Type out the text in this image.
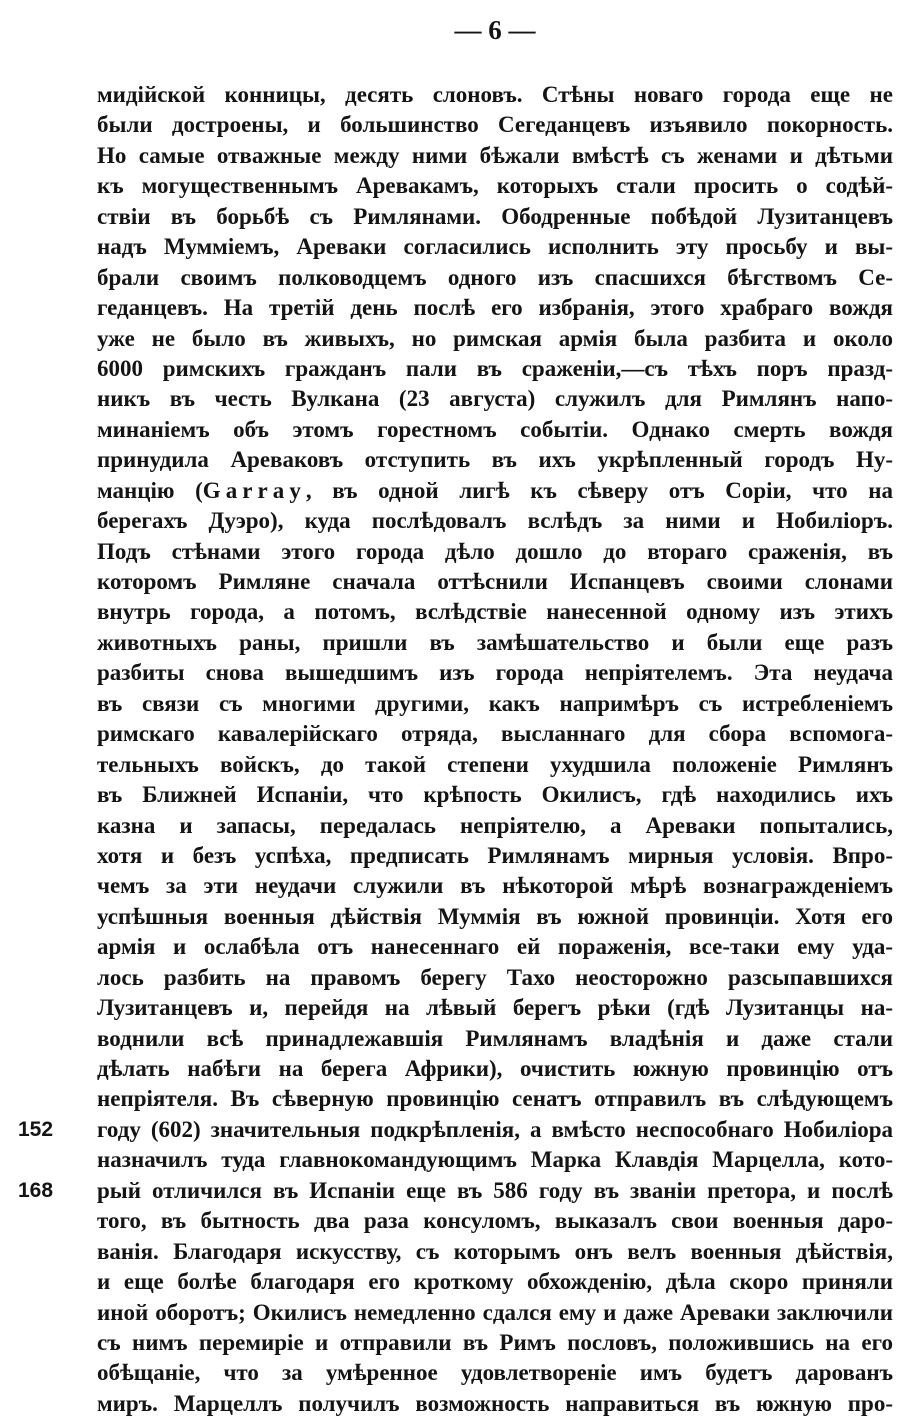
— 6 —
152
168
мидійской конницы, десять слоновъ. Стѣны новаго города еще не
были достроены, и большинство Сегеданцевъ изъявило покорность.
Но самые отважные между ними бѣжали вмѣстѣ съ женами и дѣтьми
къ могущественнымъ Аревакамъ, которыхъ стали просить о содѣй-
ствіи въ борьбѣ съ Римлянами. Ободренные побѣдой Лузитанцевъ
надъ Мумміемъ, Ареваки согласились исполнить эту просьбу и вы-
брали своимъ полководцемъ одного изъ спасшихся бѣгствомъ Се-
геданцевъ. На третій день послѣ его избранія, этого храбраго вождя
уже не было въ живыхъ, но римская армія была разбита и около
6000 римскихъ гражданъ пали въ сраженіи,—съ тѣхъ поръ празд-
никъ въ честь Вулкана (23 августа) служилъ для Римлянъ напо-
минаніемъ объ этомъ горестномъ событіи. Однако смерть вождя
принудила Ареваковъ отступить въ ихъ укрѣпленный городъ Ну-
манцію (Garray, въ одной лигѣ къ сѣверу отъ Соріи, что на
берегахъ Дуэро), куда послѣдовалъ вслѣдъ за ними и Нобиліоръ.
Подъ стѣнами этого города дѣло дошло до втораго сраженія, въ
которомъ Римляне сначала оттѣснили Испанцевъ своими слонами
внутрь города, а потомъ, вслѣдствіе нанесенной одному изъ этихъ
животныхъ раны, пришли въ замѣшательство и были еще разъ
разбиты снова вышедшимъ изъ города непріятелемъ. Эта неудача
въ связи съ многими другими, какъ напримѣръ съ истребленіемъ
римскаго кавалерійскаго отряда, высланнаго для сбора вспомога-
тельныхъ войскъ, до такой степени ухудшила положеніе Римлянъ
въ Ближней Испаніи, что крѣпость Окилисъ, гдѣ находились ихъ
казна и запасы, передалась непріятелю, а Ареваки попытались,
хотя и безъ успѣха, предписать Римлянамъ мирныя условія. Впро-
чемъ за эти неудачи служили въ нѣкоторой мѣрѣ вознагражденіемъ
успѣшныя военныя дѣйствія Муммія въ южной провинціи. Хотя его
армія и ослабѣла отъ нанесеннаго ей пораженія, все-таки ему уда-
лось разбить на правомъ берегу Тахо неосторожно разсыпавшихся
Лузитанцевъ и, перейдя на лѣвый берегъ рѣки (гдѣ Лузитанцы на-
воднили всѣ принадлежавшія Римлянамъ владѣнія и даже стали
дѣлать набѣги на берега Африки), очистить южную провинцію отъ
непріятеля. Въ сѣверную провинцію сенатъ отправилъ въ слѣдующемъ
году (602) значительныя подкрѣпленія, а вмѣсто неспособнаго Нобиліора
назначилъ туда главнокомандующимъ Марка Клавдія Марцелла, кото-
рый отличился въ Испаніи еще въ 586 году въ званіи претора, и послѣ
того, въ бытность два раза консуломъ, выказалъ свои военныя даро-
ванія. Благодаря искусству, съ которымъ онъ велъ военныя дѣйствія,
и еще болѣе благодаря его кроткому обхожденію, дѣла скоро приняли
иной оборотъ; Окилисъ немедленно сдался ему и даже Ареваки заключили
съ нимъ перемиріе и отправили въ Римъ пословъ, положившись на его
обѣщаніе, что за умѣренное удовлетвореніе имъ будетъ дарованъ
миръ. Марцеллъ получилъ возможность направиться въ южную про-
